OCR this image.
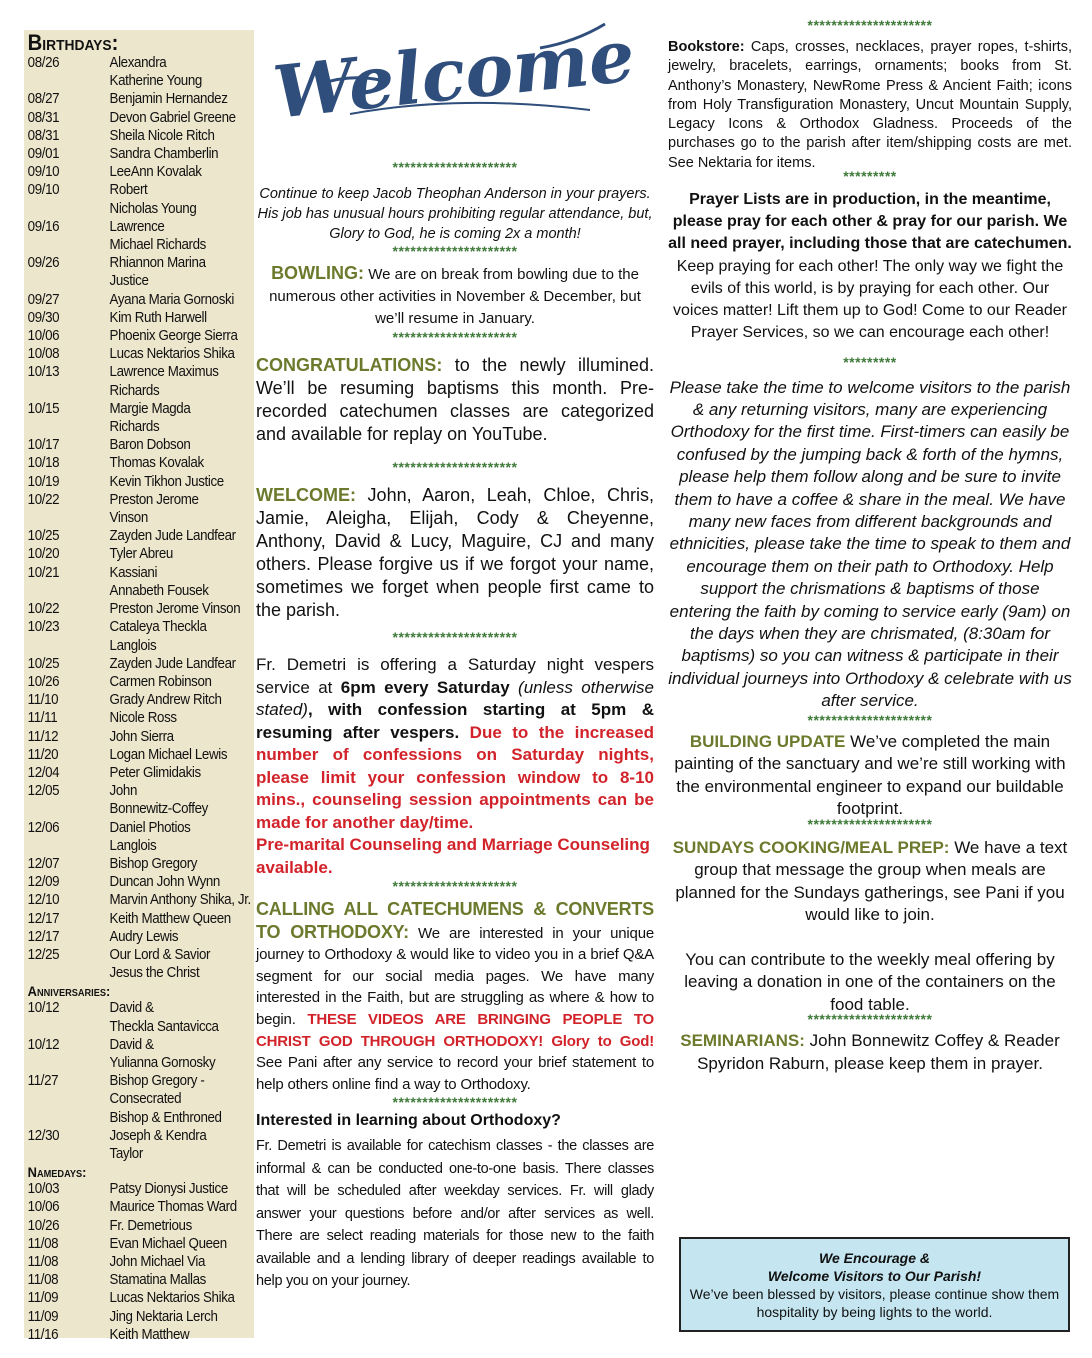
Birthdays:
08/26	Alexandra
Katherine Young
08/27	Benjamin Hernandez
08/31	Devon Gabriel Greene
08/31	Sheila Nicole Ritch
09/01	Sandra Chamberlin
09/10	LeeAnn Kovalak
09/10	Robert
Nicholas Young
09/16	Lawrence
Michael Richards
09/26	Rhiannon Marina
Justice
09/27	Ayana Maria Gornoski
09/30	Kim Ruth Harwell
10/06	Phoenix George Sierra
10/08	Lucas Nektarios Shika
10/13	Lawrence Maximus
Richards
10/15	Margie Magda
Richards
10/17	Baron Dobson
10/18	Thomas Kovalak
10/19	Kevin Tikhon Justice
10/22	Preston Jerome
Vinson
10/25	Zayden Jude Landfear
10/20	Tyler Abreu
10/21	Kassiani
Annabeth Fousek
10/22	Preston Jerome Vinson
10/23	Cataleya Theckla Langlois
10/25	Zayden Jude Landfear
10/26	Carmen Robinson
11/10	Grady Andrew Ritch
11/11	Nicole Ross
11/12	John Sierra
11/20	Logan Michael Lewis
12/04	Peter Glimidakis
12/05	John
Bonnewitz-Coffey
12/06	Daniel Photios
Langlois
12/07	Bishop Gregory
12/09	Duncan John Wynn
12/10	Marvin Anthony Shika, Jr.
12/17	Keith Matthew Queen
12/17	Audry Lewis
12/25	Our Lord & Savior
Jesus the Christ
Anniversaries:
10/12	David &
Theckla Santavicca
10/12	David &
Yulianna Gornosky
11/27	Bishop Gregory -
Consecrated
Bishop & Enthroned
12/30	Joseph & Kendra
Taylor
Namedays:
10/03	Patsy Dionysi Justice
10/06	Maurice Thomas Ward
10/26	Fr. Demetrious
11/08	Evan Michael Queen
11/08	John Michael Via
11/08	Stamatina Mallas
11/09	Lucas Nektarios Shika
11/09	Jing Nektaria Lerch
11/16	Keith Matthew
Welcome
*********************

Continue to keep Jacob Theophan Anderson in your prayers. His job has unusual hours prohibiting regular attendance, but, Glory to God, he is coming 2x a month!

*********************

BOWLING: We are on break from bowling due to the numerous other activities in November & December, but we’ll resume in January.

*********************

CONGRATULATIONS: to the newly illumined. We’ll be resuming baptisms this month. Pre-recorded catechumen classes are categorized and available for replay on YouTube.

*********************

WELCOME: John, Aaron, Leah, Chloe, Chris, Jamie, Aleigha, Elijah, Cody & Cheyenne, Anthony, David & Lucy, Maguire, CJ and many others. Please forgive us if we forgot your name, sometimes we forget when people first came to the parish.

*********************

Fr. Demetri is offering a Saturday night vespers service at 6pm every Saturday (unless otherwise stated), with confession starting at 5pm & resuming after vespers. Due to the increased number of confessions on Saturday nights, please limit your confession window to 8-10 mins., counseling session appointments can be made for another day/time.

Pre-marital Counseling and Marriage Counseling available.

*********************

CALLING ALL CATECHUMENS & CONVERTS TO ORTHODOXY: We are interested in your unique journey to Orthodoxy & would like to video you in a brief Q&A segment for our social media pages. We have many interested in the Faith, but are struggling as where & how to begin. THESE VIDEOS ARE BRINGING PEOPLE TO CHRIST GOD THROUGH ORTHODOXY! Glory to God! See Pani after any service to record your brief statement to help others online find a way to Orthodoxy.

*********************

Interested in learning about Orthodoxy?

Fr. Demetri is available for catechism classes - the classes are informal & can be conducted one-to-one basis. There classes that will be scheduled after weekday services. Fr. will glady answer your questions before and/or after services as well. There are select reading materials for those new to the faith available and a lending library of deeper readings available to help you on your journey.

*********************

Bookstore: Caps, crosses, necklaces, prayer ropes, t-shirts, jewelry, bracelets, earrings, ornaments; books from St. Anthony’s Monastery, NewRome Press & Ancient Faith; icons from Holy Transfiguration Monastery, Uncut Mountain Supply, Legacy Icons & Orthodox Gladness. Proceeds of the purchases go to the parish after item/shipping costs are met. See Nektaria for items.

*********

Prayer Lists are in production, in the meantime, please pray for each other & pray for our parish. We all need prayer, including those that are catechumen. Keep praying for each other! The only way we fight the evils of this world, is by praying for each other. Our voices matter! Lift them up to God! Come to our Reader Prayer Services, so we can encourage each other!

*********

Please take the time to welcome visitors to the parish & any returning visitors, many are experiencing Orthodoxy for the first time. First-timers can easily be confused by the jumping back & forth of the hymns, please help them follow along and be sure to invite them to have a coffee & share in the meal. We have many new faces from different backgrounds and ethnicities, please take the time to speak to them and encourage them on their path to Orthodoxy. Help support the chrismations & baptisms of those entering the faith by coming to service early (9am) on the days when they are chrismated, (8:30am for baptisms) so you can witness & participate in their individual journeys into Orthodoxy & celebrate with us after service.

*********************

BUILDING UPDATE We’ve completed the main painting of the sanctuary and we’re still working with the environmental engineer to expand our buildable footprint.

*********************

SUNDAYS COOKING/MEAL PREP: We have a text group that message the group when meals are planned for the Sundays gatherings, see Pani if you would like to join.

You can contribute to the weekly meal offering by leaving a donation in one of the containers on the food table.

*********************

SEMINARIANS: John Bonnewitz Coffey & Reader Spyridon Raburn, please keep them in prayer.

We Encourage &
Welcome Visitors to Our Parish!
We’ve been blessed by visitors, please continue show them hospitality by being lights to the world.
